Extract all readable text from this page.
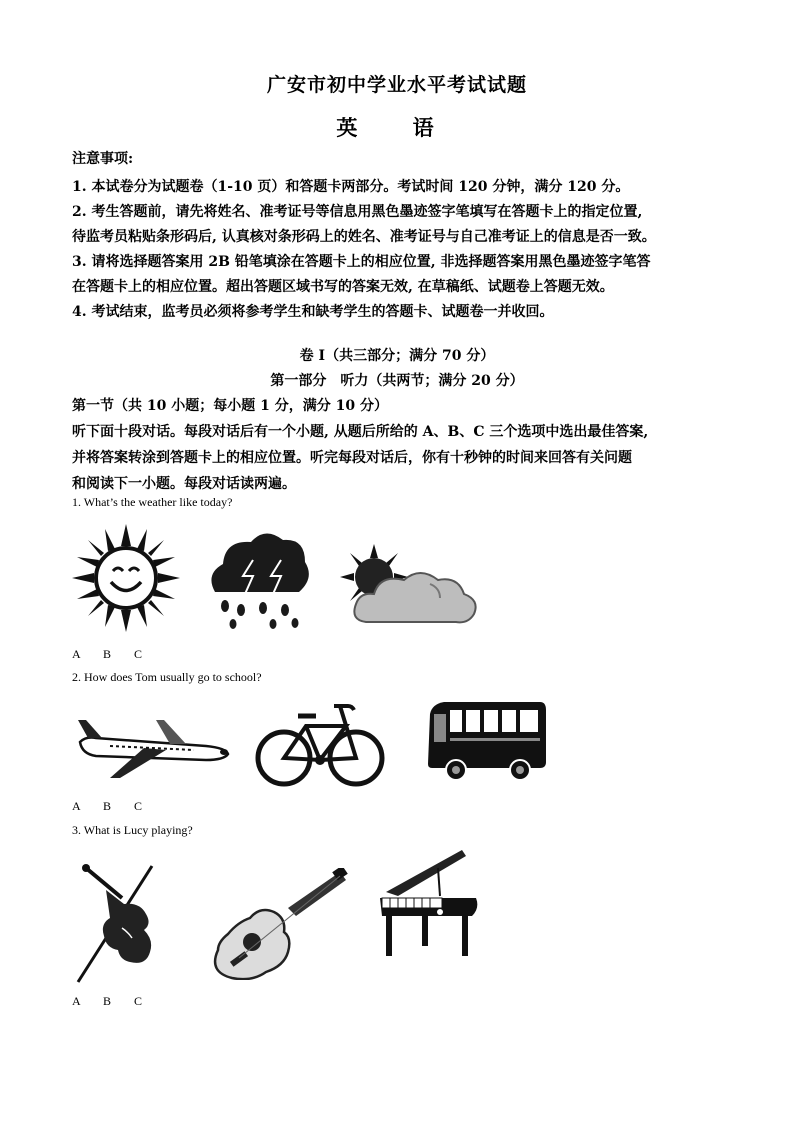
广安市初中学业水平考试试题
英 语
注意事项:
1. 本试卷分为试题卷（1-10 页）和答题卡两部分。考试时间 120 分钟，满分 120 分。
2. 考生答题前，请先将姓名、准考证号等信息用黑色墨迹签字笔填写在答题卡上的指定位置,
待监考员粘贴条形码后, 认真核对条形码上的姓名、准考证号与自己准考证上的信息是否一致。
3. 请将选择题答案用 2B 铅笔填涂在答题卡上的相应位置, 非选择题答案用黑色墨迹签字笔答
在答题卡上的相应位置。超出答题区域书写的答案无效, 在草稿纸、试题卷上答题无效。
4. 考试结束，监考员必须将参考学生和缺考学生的答题卡、试题卷一并收回。
卷 I（共三部分；满分 70 分）
第一部分　听力（共两节；满分 20 分）
第一节（共 10 小题；每小题 1 分，满分 10 分）
听下面十段对话。每段对话后有一个小题, 从题后所给的 A、B、C 三个选项中选出最佳答案,
并将答案转涂到答题卡上的相应位置。听完每段对话后，你有十秒钟的时间来回答有关问题
和阅读下一小题。每段对话读两遍。
1. What’s the weather like today?
A B C
2. How does Tom usually go to school?
A B C
3. What is Lucy playing?
A B C
